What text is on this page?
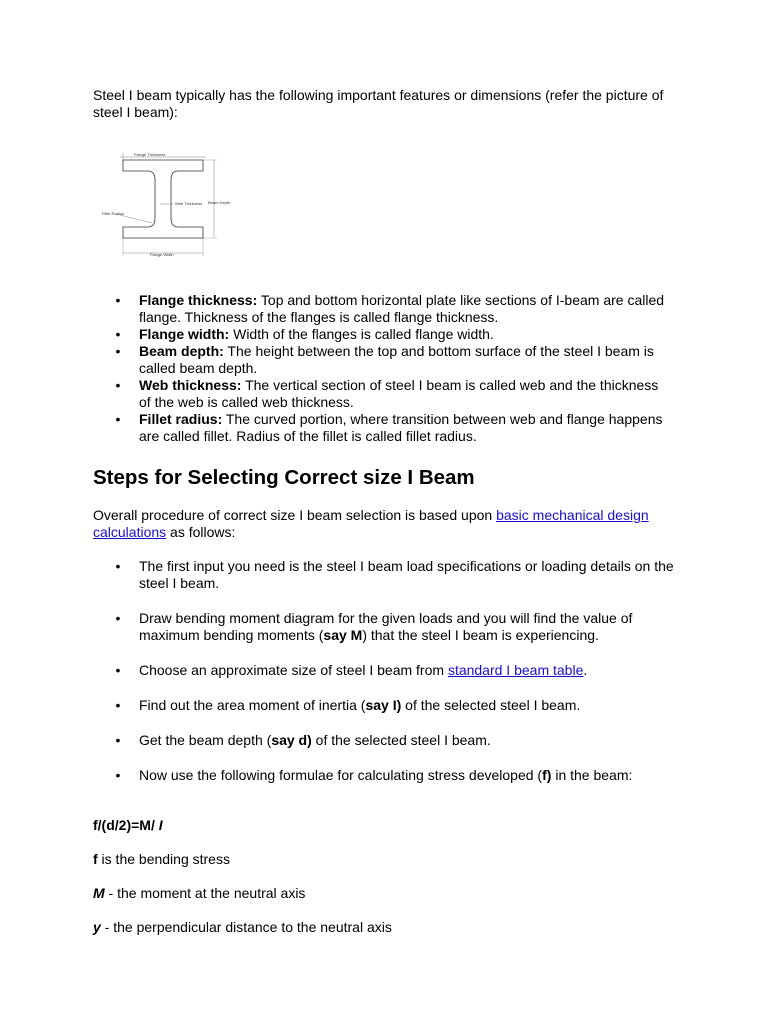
Steel I beam typically has the following important features or dimensions (refer the picture of steel I beam):

Flange Thickness
Beam Depth
Web Thickness
Fillet Radius
Flange Width
• Flange thickness: Top and bottom horizontal plate like sections of I-beam are called flange. Thickness of the flanges is called flange thickness.
• Flange width: Width of the flanges is called flange width.
• Beam depth: The height between the top and bottom surface of the steel I beam is called beam depth.
• Web thickness: The vertical section of steel I beam is called web and the thickness of the web is called web thickness.
• Fillet radius: The curved portion, where transition between web and flange happens are called fillet. Radius of the fillet is called fillet radius.
Steps for Selecting Correct size I Beam

Overall procedure of correct size I beam selection is based upon basic mechanical design calculations as follows:

• The first input you need is the steel I beam load specifications or loading details on the steel I beam.
• Draw bending moment diagram for the given loads and you will find the value of maximum bending moments (say M) that the steel I beam is experiencing.
• Choose an approximate size of steel I beam from standard I beam table.
• Find out the area moment of inertia (say I) of the selected steel I beam.
• Get the beam depth (say d) of the selected steel I beam.
• Now use the following formulae for calculating stress developed (f) in the beam:

f/(d/2)=M/ I

f is the bending stress

M - the moment at the neutral axis

y - the perpendicular distance to the neutral axis
